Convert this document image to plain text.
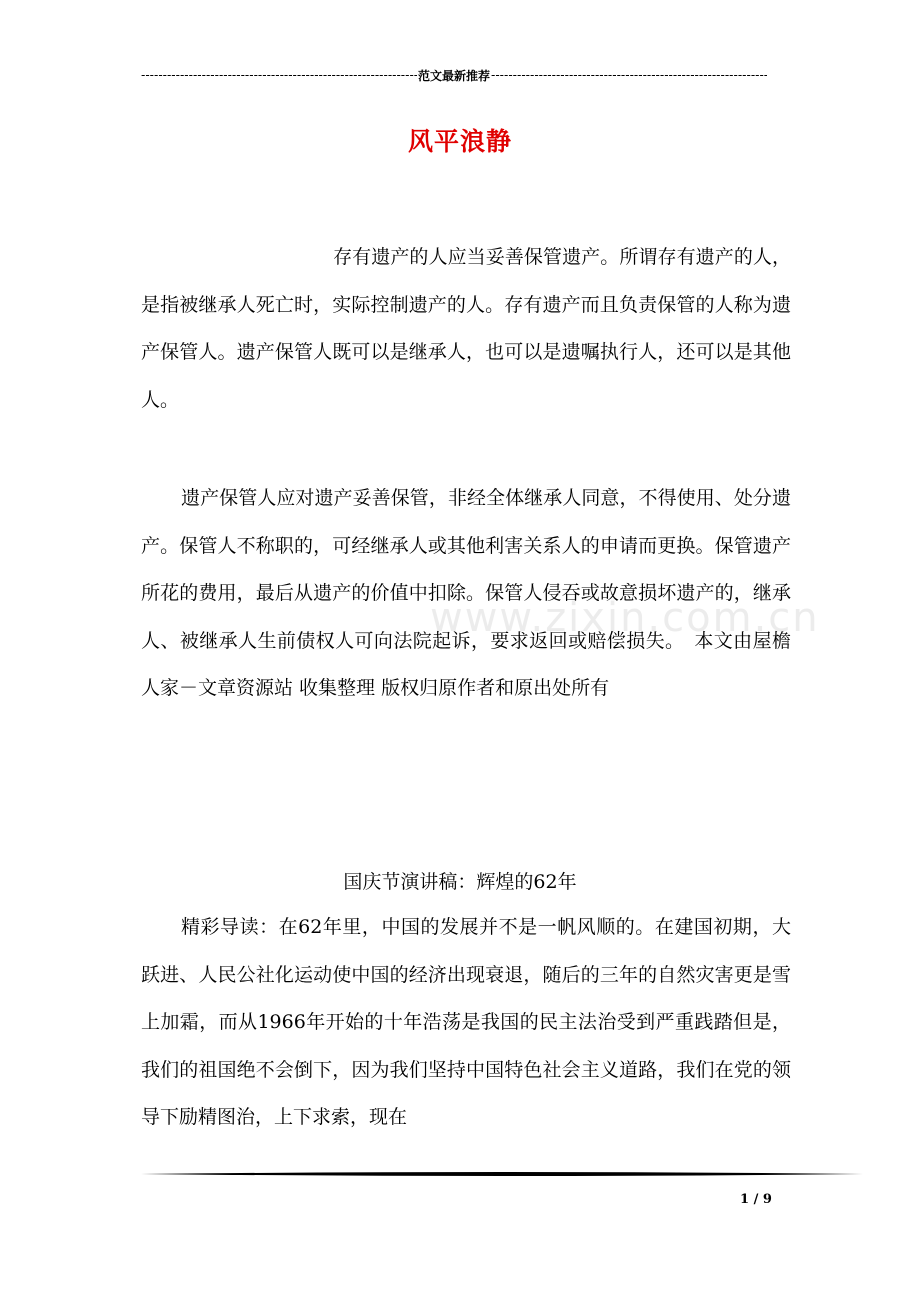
-----
范文最新推荐
-----
风平浪静

存有遗产的人应当妥善保管遗产。所谓存有遗产的人，是指被继承人死亡时，实际控制遗产的人。存有遗产而且负责保管的人称为遗产保管人。遗产保管人既可以是继承人，也可以是遗嘱执行人，还可以是其他人。

遗产保管人应对遗产妥善保管，非经全体继承人同意，不得使用、处分遗产。保管人不称职的，可经继承人或其他利害关系人的申请而更换。保管遗产所花的费用，最后从遗产的价值中扣除。保管人侵吞或故意损坏遗产的，继承人、被继承人生前债权人可向法院起诉，要求返回或赔偿损失。　本文由屋檐人家－文章资源站 收集整理 版权归原作者和原出处所有

www.zixin.com.cn
国庆节演讲稿：辉煌的62年

精彩导读：在62年里，中国的发展并不是一帆风顺的。在建国初期，大跃进、人民公社化运动使中国的经济出现衰退，随后的三年的自然灾害更是雪上加霜，而从1966年开始的十年浩荡是我国的民主法治受到严重践踏但是，我们的祖国绝不会倒下，因为我们坚持中国特色社会主义道路，我们在党的领导下励精图治，上下求索，现在

1 / 9
